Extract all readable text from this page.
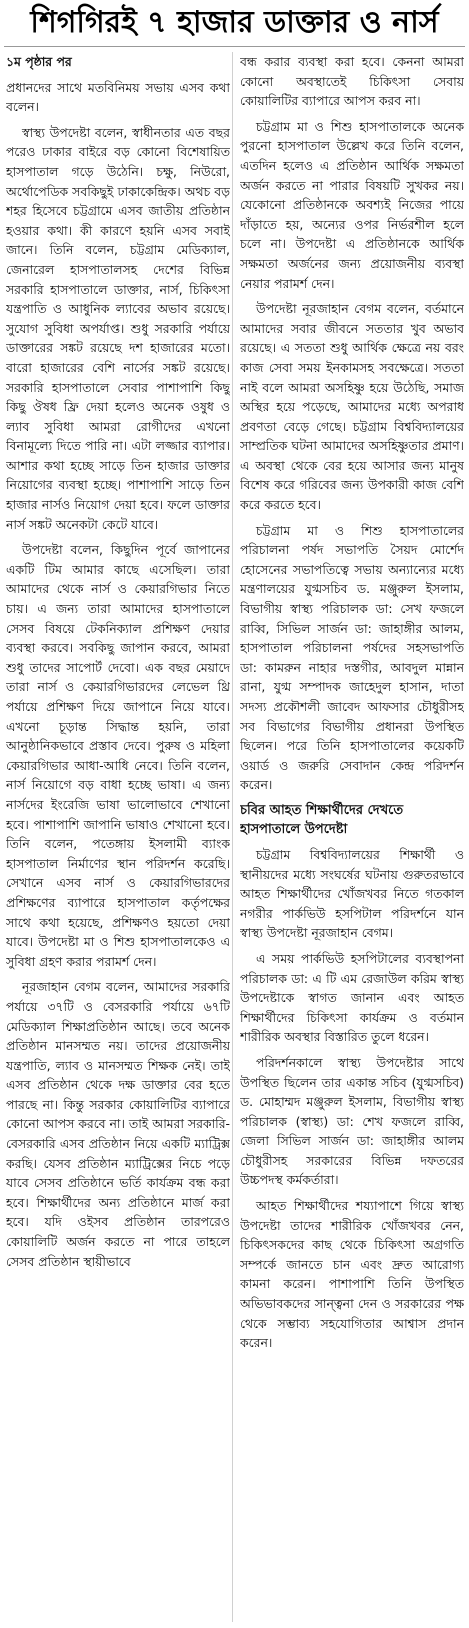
শিগগিরই ৭ হাজার ডাক্তার ও নার্স

১ম পৃষ্ঠার পর

প্রধানদের সাথে মতবিনিময় সভায় এসব কথা বলেন।

স্বাস্থ্য উপদেষ্টা বলেন, স্বাধীনতার এত বছর পরেও ঢাকার বাইরে বড় কোনো বিশেষায়িত হাসপাতাল গড়ে উঠেনি। চক্ষু, নিউরো, অর্থোপেডিক সবকিছুই ঢাকাকেন্দ্রিক। অথচ বড় শহর হিসেবে চট্টগ্রামে এসব জাতীয় প্রতিষ্ঠান হওয়ার কথা। কী কারণে হয়নি এসব সবাই জানে। তিনি বলেন, চট্টগ্রাম মেডিক্যাল, জেনারেল হাসপাতালসহ দেশের বিভিন্ন সরকারি হাসপাতালে ডাক্তার, নার্স, চিকিৎসা যন্ত্রপাতি ও আধুনিক ল্যাবের অভাব রয়েছে। সুযোগ সুবিধা অপর্যাপ্ত। শুধু সরকারি পর্যায়ে ডাক্তারের সঙ্কট রয়েছে দশ হাজারের মতো। বারো হাজারের বেশি নার্সের সঙ্কট রয়েছে। সরকারি হাসপাতালে সেবার পাশাপাশি কিছু কিছু ঔষধ ফ্রি দেয়া হলেও অনেক ওষুধ ও ল্যাব সুবিধা আমরা রোগীদের এখনো বিনামূল্যে দিতে পারি না। এটা লজ্জার ব্যাপার। আশার কথা হচ্ছে সাড়ে তিন হাজার ডাক্তার নিয়োগের ব্যবস্থা হচ্ছে। পাশাপাশি সাড়ে তিন হাজার নার্সও নিয়োগ দেয়া হবে। ফলে ডাক্তার নার্স সঙ্কট অনেকটা কেটে যাবে।

উপদেষ্টা বলেন, কিছুদিন পূর্বে জাপানের একটি টিম আমার কাছে এসেছিল। তারা আমাদের থেকে নার্স ও কেয়ারগিভার নিতে চায়। এ জন্য তারা আমাদের হাসপাতালে সেসব বিষয়ে টেকনিক্যাল প্রশিক্ষণ দেয়ার ব্যবস্থা করবে। সবকিছু জাপান করবে, আমরা শুধু তাদের সাপোর্ট দেবো। এক বছর মেয়াদে তারা নার্স ও কেয়ারগিভারদের লেভেল থ্রি পর্যায়ে প্রশিক্ষণ দিয়ে জাপানে নিয়ে যাবে। এখনো চূড়ান্ত সিদ্ধান্ত হয়নি, তারা আনুষ্ঠানিকভাবে প্রস্তাব দেবে। পুরুষ ও মহিলা কেয়ারগিভার আধা-আধি নেবে। তিনি বলেন, নার্স নিয়োগে বড় বাধা হচ্ছে ভাষা। এ জন্য নার্সদের ইংরেজি ভাষা ভালোভাবে শেখানো হবে। পাশাপাশি জাপানি ভাষাও শেখানো হবে। তিনি বলেন, পতেঙ্গায় ইসলামী ব্যাংক হাসপাতাল নির্মাণের স্থান পরিদর্শন করেছি। সেখানে এসব নার্স ও কেয়ারগিভারদের প্রশিক্ষণের ব্যাপারে হাসপাতাল কর্তৃপক্ষের সাথে কথা হয়েছে, প্রশিক্ষণও হয়তো দেয়া যাবে। উপদেষ্টা মা ও শিশু হাসপাতালকেও এ সুবিধা গ্রহণ করার পরামর্শ দেন।

নূরজাহান বেগম বলেন, আমাদের সরকারি পর্যায়ে ৩৭টি ও বেসরকারি পর্যায়ে ৬৭টি মেডিক্যাল শিক্ষাপ্রতিষ্ঠান আছে। তবে অনেক প্রতিষ্ঠান মানসম্মত নয়। তাদের প্রয়োজনীয় যন্ত্রপাতি, ল্যাব ও মানসম্মত শিক্ষক নেই। তাই এসব প্রতিষ্ঠান থেকে দক্ষ ডাক্তার বের হতে পারছে না। কিন্তু সরকার কোয়ালিটির ব্যাপারে কোনো আপস করবে না। তাই আমরা সরকারি-বেসরকারি এসব প্রতিষ্ঠান নিয়ে একটি ম্যাট্রিক্স করছি। যেসব প্রতিষ্ঠান ম্যাট্রিক্সের নিচে পড়ে যাবে সেসব প্রতিষ্ঠানে ভর্তি কার্যক্রম বন্ধ করা হবে। শিক্ষার্থীদের অন্য প্রতিষ্ঠানে মার্জ করা হবে। যদি ওইসব প্রতিষ্ঠান তারপরেও কোয়ালিটি অর্জন করতে না পারে তাহলে সেসব প্রতিষ্ঠান স্থায়ীভাবে

বন্ধ করার ব্যবস্থা করা হবে। কেননা আমরা কোনো অবস্থাতেই চিকিৎসা সেবায় কোয়ালিটির ব্যাপারে আপস করব না।

চট্টগ্রাম মা ও শিশু হাসপাতালকে অনেক পুরনো হাসপাতাল উল্লেখ করে তিনি বলেন, এতদিন হলেও এ প্রতিষ্ঠান আর্থিক সক্ষমতা অর্জন করতে না পারার বিষয়টি সুখকর নয়। যেকোনো প্রতিষ্ঠানকে অবশ্যই নিজের পায়ে দাঁড়াতে হয়, অন্যের ওপর নির্ভরশীল হলে চলে না। উপদেষ্টা এ প্রতিষ্ঠানকে আর্থিক সক্ষমতা অর্জনের জন্য প্রয়োজনীয় ব্যবস্থা নেয়ার পরামর্শ দেন।

উপদেষ্টা নূরজাহান বেগম বলেন, বর্তমানে আমাদের সবার জীবনে সততার খুব অভাব রয়েছে। এ সততা শুধু আর্থিক ক্ষেত্রে নয় বরং কাজ সেবা সময় ইনকামসহ সবক্ষেত্রে। সততা নাই বলে আমরা অসহিষ্ণু হয়ে উঠেছি, সমাজ অস্থির হয়ে পড়েছে, আমাদের মধ্যে অপরাধ প্রবণতা বেড়ে গেছে। চট্টগ্রাম বিশ্ববিদ্যালয়ের সাম্প্রতিক ঘটনা আমাদের অসহিষ্ণুতার প্রমাণ। এ অবস্থা থেকে বের হয়ে আসার জন্য মানুষ বিশেষ করে গরিবের জন্য উপকারী কাজ বেশি করে করতে হবে।

চট্টগ্রাম মা ও শিশু হাসপাতালের পরিচালনা পর্ষদ সভাপতি সৈয়দ মোর্শেদ হোসেনের সভাপতিত্বে সভায় অন্যান্যের মধ্যে মন্ত্রণালয়ের যুগ্মসচিব ড. মঞ্জুরুল ইসলাম, বিভাগীয় স্বাস্থ্য পরিচালক ডা: সেখ ফজলে রাব্বি, সিভিল সার্জন ডা: জাহাঙ্গীর আলম, হাসপাতাল পরিচালনা পর্ষদের সহসভাপতি ডা: কামরুন নাহার দস্তগীর, আবদুল মান্নান রানা, যুগ্ম সম্পাদক জাহেদুল হাসান, দাতা সদস্য প্রকৌশলী জাবেদ আফসার চৌধুরীসহ সব বিভাগের বিভাগীয় প্রধানরা উপস্থিত ছিলেন। পরে তিনি হাসপাতালের কয়েকটি ওয়ার্ড ও জরুরি সেবাদান কেন্দ্র পরিদর্শন করেন।

চবির আহত শিক্ষার্থীদের দেখতে হাসপাতালে উপদেষ্টা

চট্টগ্রাম বিশ্ববিদ্যালয়ের শিক্ষার্থী ও স্থানীয়দের মধ্যে সংঘর্ষের ঘটনায় গুরুতরভাবে আহত শিক্ষার্থীদের খোঁজখবর নিতে গতকাল নগরীর পার্কভিউ হসপিটাল পরিদর্শনে যান স্বাস্থ্য উপদেষ্টা নূরজাহান বেগম।

এ সময় পার্কভিউ হসপিটালের ব্যবস্থাপনা পরিচালক ডা: এ টি এম রেজাউল করিম স্বাস্থ্য উপদেষ্টাকে স্বাগত জানান এবং আহত শিক্ষার্থীদের চিকিৎসা কার্যক্রম ও বর্তমান শারীরিক অবস্থার বিস্তারিত তুলে ধরেন।

পরিদর্শনকালে স্বাস্থ্য উপদেষ্টার সাথে উপস্থিত ছিলেন তার একান্ত সচিব (যুগ্মসচিব) ড. মোহাম্মদ মঞ্জুরুল ইসলাম, বিভাগীয় স্বাস্থ্য পরিচালক (স্বাস্থ্য) ডা: শেখ ফজলে রাব্বি, জেলা সিভিল সার্জন ডা: জাহাঙ্গীর আলম চৌধুরীসহ সরকারের বিভিন্ন দফতরের উচ্চপদস্থ কর্মকর্তারা।

আহত শিক্ষার্থীদের শয্যাপাশে গিয়ে স্বাস্থ্য উপদেষ্টা তাদের শারীরিক খোঁজখবর নেন, চিকিৎসকদের কাছ থেকে চিকিৎসা অগ্রগতি সম্পর্কে জানতে চান এবং দ্রুত আরোগ্য কামনা করেন। পাশাপাশি তিনি উপস্থিত অভিভাবকদের সান্ত্বনা দেন ও সরকারের পক্ষ থেকে সম্ভাব্য সহযোগিতার আশ্বাস প্রদান করেন।
